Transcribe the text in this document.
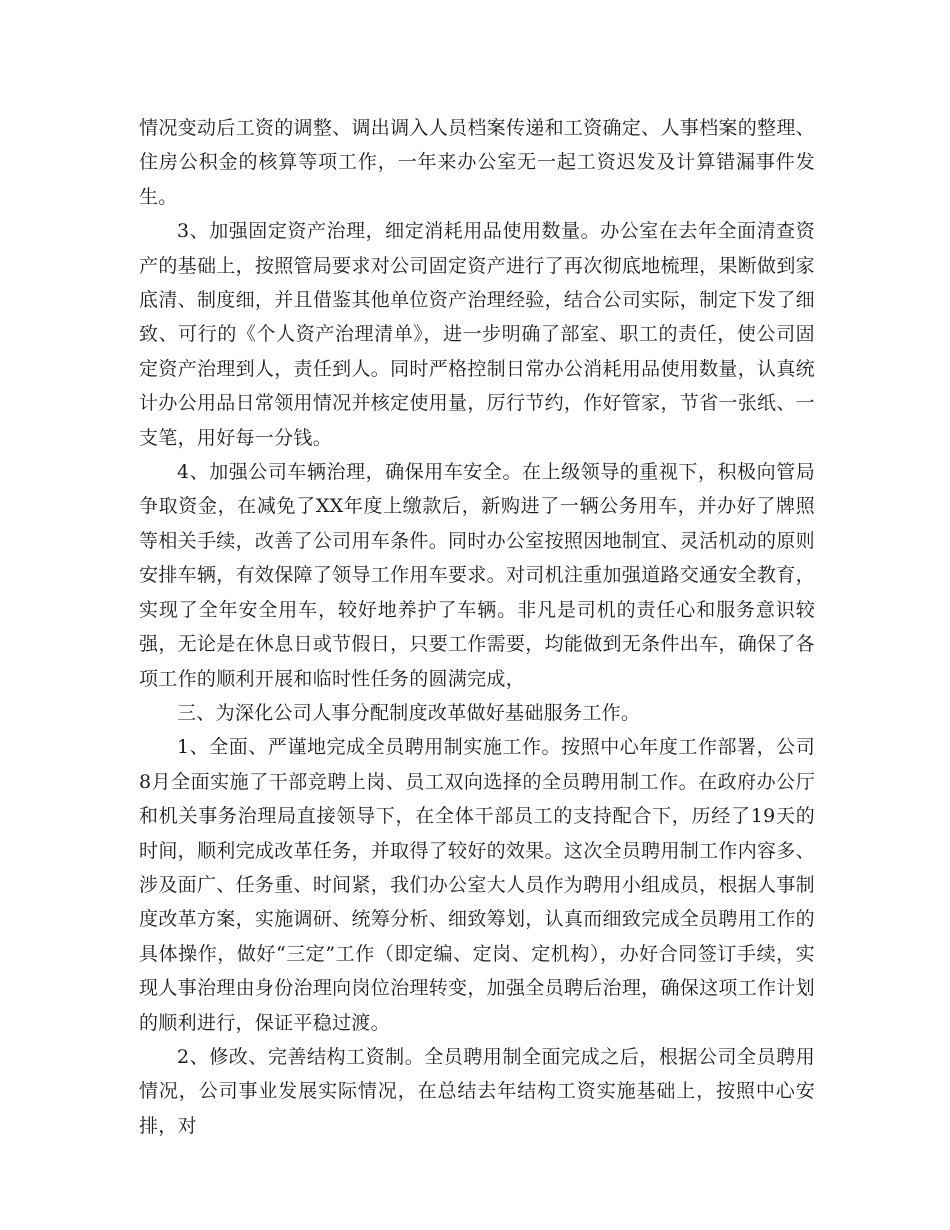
情况变动后工资的调整、调出调入人员档案传递和工资确定、人事档案的整理、住房公积金的核算等项工作，一年来办公室无一起工资迟发及计算错漏事件发生。

3、加强固定资产治理，细定消耗用品使用数量。办公室在去年全面清查资产的基础上，按照管局要求对公司固定资产进行了再次彻底地梳理，果断做到家底清、制度细，并且借鉴其他单位资产治理经验，结合公司实际，制定下发了细致、可行的《个人资产治理清单》，进一步明确了部室、职工的责任，使公司固定资产治理到人，责任到人。同时严格控制日常办公消耗用品使用数量，认真统计办公用品日常领用情况并核定使用量，厉行节约，作好管家，节省一张纸、一支笔，用好每一分钱。

4、加强公司车辆治理，确保用车安全。在上级领导的重视下，积极向管局争取资金，在减免了XX年度上缴款后，新购进了一辆公务用车，并办好了牌照等相关手续，改善了公司用车条件。同时办公室按照因地制宜、灵活机动的原则安排车辆，有效保障了领导工作用车要求。对司机注重加强道路交通安全教育，实现了全年安全用车，较好地养护了车辆。非凡是司机的责任心和服务意识较强，无论是在休息日或节假日，只要工作需要，均能做到无条件出车，确保了各项工作的顺利开展和临时性任务的圆满完成，

三、为深化公司人事分配制度改革做好基础服务工作。

1、全面、严谨地完成全员聘用制实施工作。按照中心年度工作部署，公司8月全面实施了干部竞聘上岗、员工双向选择的全员聘用制工作。在政府办公厅和机关事务治理局直接领导下，在全体干部员工的支持配合下，历经了19天的时间，顺利完成改革任务，并取得了较好的效果。这次全员聘用制工作内容多、涉及面广、任务重、时间紧，我们办公室大人员作为聘用小组成员，根据人事制度改革方案，实施调研、统筹分析、细致筹划，认真而细致完成全员聘用工作的具体操作，做好“三定”工作（即定编、定岗、定机构），办好合同签订手续，实现人事治理由身份治理向岗位治理转变，加强全员聘后治理，确保这项工作计划的顺利进行，保证平稳过渡。

2、修改、完善结构工资制。全员聘用制全面完成之后，根据公司全员聘用情况，公司事业发展实际情况，在总结去年结构工资实施基础上，按照中心安排，对
